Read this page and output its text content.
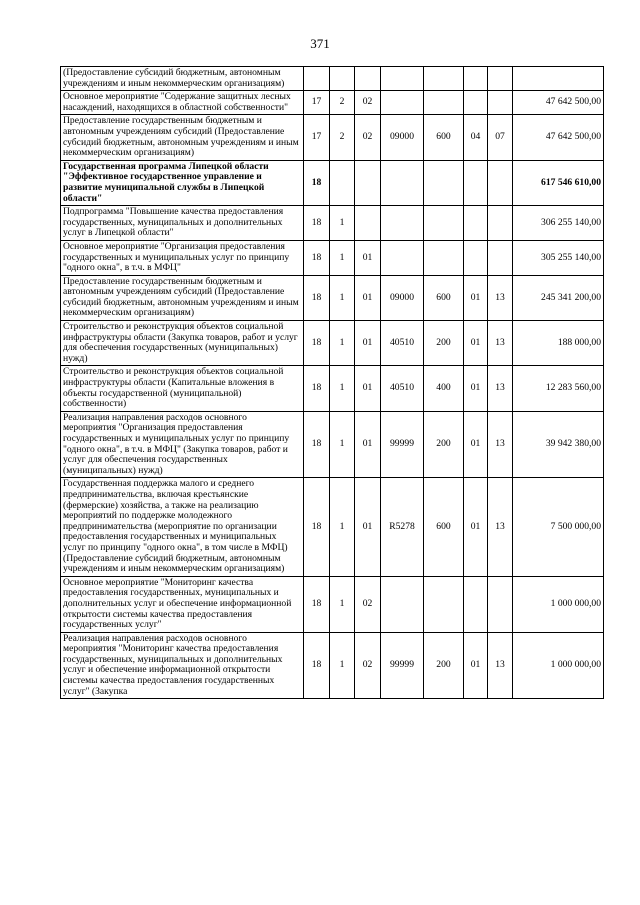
371
(Предоставление субсидий бюджетным, автономным учреждениям и иным некоммерческим организациям)								
Основное мероприятие "Содержание защитных лесных насаждений, находящихся в областной собственности"	17	2	02					47 642 500,00
Предоставление государственным бюджетным и автономным учреждениям субсидий (Предоставление субсидий бюджетным, автономным учреждениям и иным некоммерческим организациям)	17	2	02	09000	600	04	07	47 642 500,00
Государственная программа Липецкой области "Эффективное государственное управление и развитие муниципальной службы в Липецкой области"	18							617 546 610,00
Подпрограмма "Повышение качества предоставления государственных, муниципальных и дополнительных услуг в Липецкой области"	18	1						306 255 140,00
Основное мероприятие "Организация предоставления государственных и муниципальных услуг по принципу "одного окна", в т.ч. в МФЦ"	18	1	01					305 255 140,00
Предоставление государственным бюджетным и автономным учреждениям субсидий (Предоставление субсидий бюджетным, автономным учреждениям и иным некоммерческим организациям)	18	1	01	09000	600	01	13	245 341 200,00
Строительство и реконструкция объектов социальной инфраструктуры области (Закупка товаров, работ и услуг для обеспечения государственных (муниципальных) нужд)	18	1	01	40510	200	01	13	188 000,00
Строительство и реконструкция объектов социальной инфраструктуры области (Капитальные вложения в объекты государственной (муниципальной) собственности)	18	1	01	40510	400	01	13	12 283 560,00
Реализация направления расходов основного мероприятия "Организация предоставления государственных и муниципальных услуг по принципу "одного окна", в т.ч. в МФЦ" (Закупка товаров, работ и услуг для обеспечения государственных (муниципальных) нужд)	18	1	01	99999	200	01	13	39 942 380,00
Государственная поддержка малого и среднего предпринимательства, включая крестьянские (фермерские) хозяйства, а также на реализацию мероприятий по поддержке молодежного предпринимательства (мероприятие по организации предоставления государственных и муниципальных услуг по принципу "одного окна", в том числе в МФЦ) (Предоставление субсидий бюджетным, автономным учреждениям и иным некоммерческим организациям)	18	1	01	R5278	600	01	13	7 500 000,00
Основное мероприятие "Мониторинг качества предоставления государственных, муниципальных и дополнительных услуг и обеспечение информационной открытости системы качества предоставления государственных услуг"	18	1	02					1 000 000,00
Реализация направления расходов основного мероприятия "Мониторинг качества предоставления государственных, муниципальных и дополнительных услуг и обеспечение информационной открытости системы качества предоставления государственных услуг" (Закупка	18	1	02	99999	200	01	13	1 000 000,00
